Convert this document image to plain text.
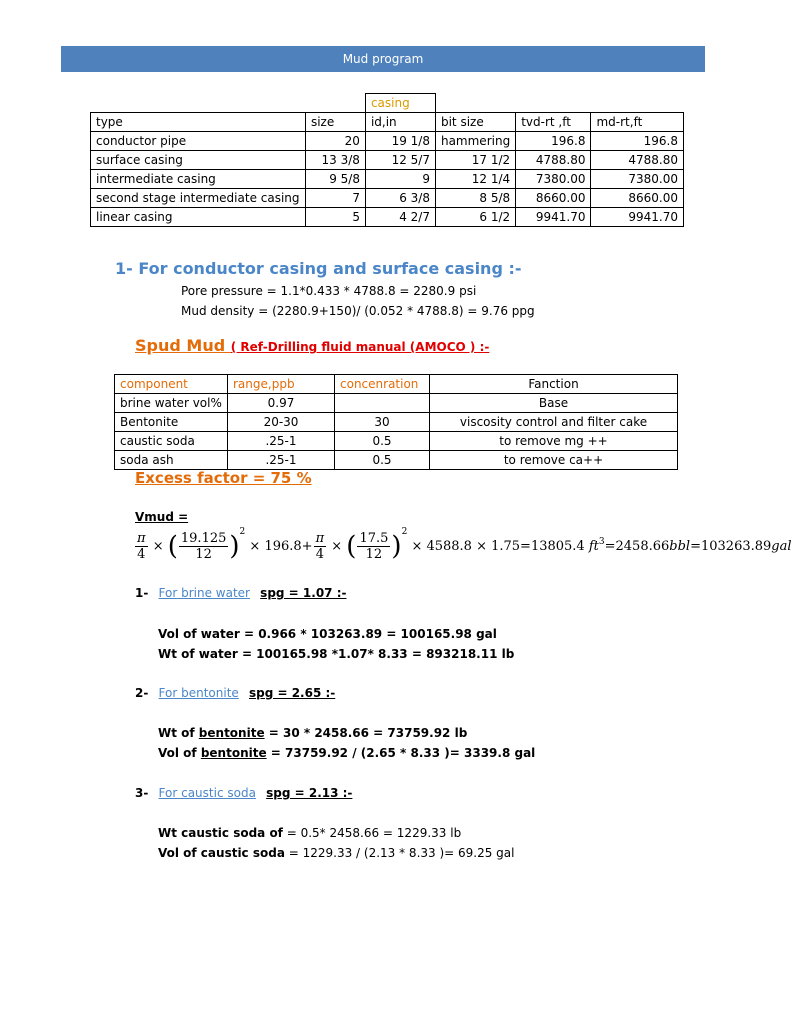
Mud program
		casing			
type	size	id,in	bit size	tvd-rt ,ft	md-rt,ft
conductor pipe	20	19 1/8	hammering	196.8	196.8
surface casing	13 3/8	12 5/7	17 1/2	4788.80	4788.80
intermediate casing	9 5/8	9	12 1/4	7380.00	7380.00
second stage intermediate casing	7	6 3/8	8 5/8	8660.00	8660.00
linear casing	5	4 2/7	6 1/2	9941.70	9941.70
1- For conductor casing and surface casing :-
Pore pressure = 1.1*0.433 * 4788.8 = 2280.9 psi
Mud density = (2280.9+150)/ (0.052 * 4788.8) = 9.76 ppg
Spud Mud ( Ref-Drilling fluid manual (AMOCO ) :-
component	range,ppb	concenration	Fanction
brine water vol%	0.97		Base
Bentonite	20-30	30	viscosity control and filter cake
caustic soda	.25-1	0.5	to remove mg ++
soda ash	.25-1	0.5	to remove ca++
Excess factor = 75 %
Vmud =
$\frac{\pi}{4}$ × ( $\frac{19.125}{12} )^2 \times 196.8+ \frac{\pi}{4}$ × ( $\frac{17.5}{12} )^2 \times 4588.8 \times 1.75=13805.4$ $ft^3=2458.66bbl=103263.89gal$
1- For brine water spg = 1.07 :-
Vol of water = 0.966 * 103263.89 = 100165.98 gal
Wt of water = 100165.98 *1.07* 8.33 = 893218.11 lb
2- For bentonite spg = 2.65 :-
Wt of bentonite = 30 * 2458.66 = 73759.92 lb
Vol of bentonite = 73759.92 / (2.65 * 8.33 )= 3339.8 gal
3- For caustic soda spg = 2.13 :-
Wt caustic soda of = 0.5* 2458.66 = 1229.33 lb
Vol of caustic soda = 1229.33 / (2.13 * 8.33 )= 69.25 gal
